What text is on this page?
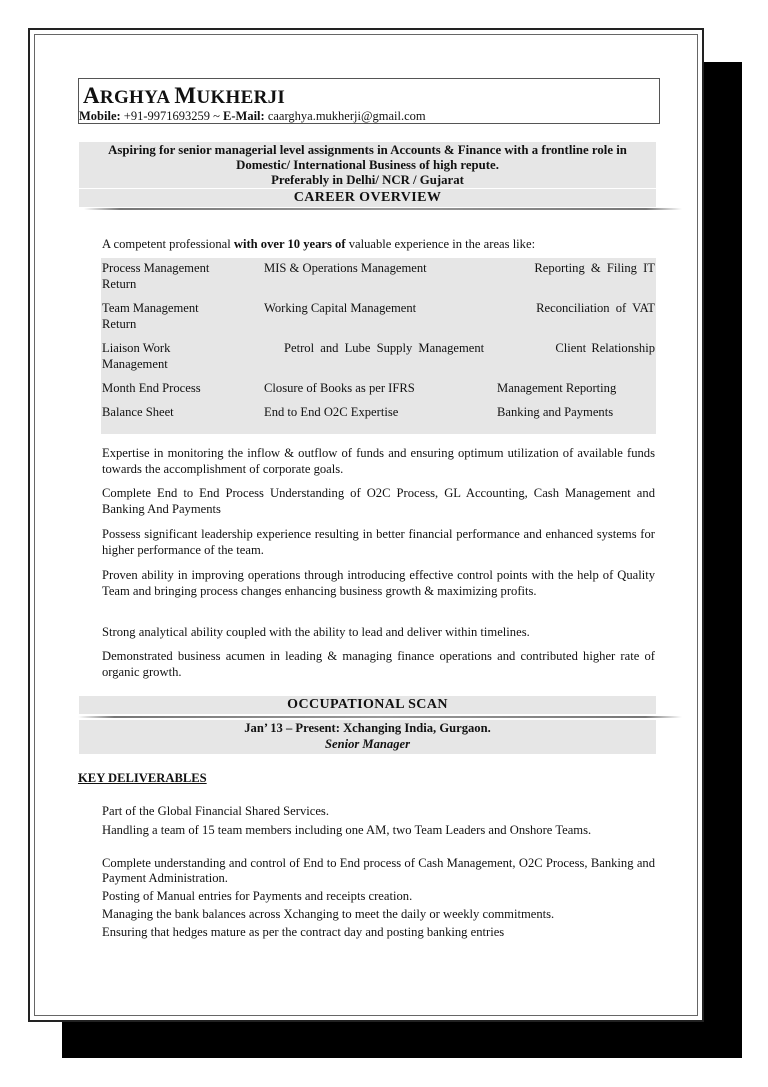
ARGHYA MUKHERJI
Mobile: +91-9971693259 ~ E-Mail: caarghya.mukherji@gmail.com
Aspiring for senior managerial level assignments in Accounts & Finance with a frontline role in
Domestic/ International Business of high repute.
Preferably in Delhi/ NCR / Gujarat
CAREER OVERVIEW
A competent professional with over 10 years of valuable experience in the areas like:
Process Management	MIS & Operations Management	Reporting & Filing IT
Return
Team Management	Working Capital Management	Reconciliation of VAT
Return
Liaison Work	Petrol and Lube Supply Management	Client Relationship
Management
Month End Process	Closure of Books as per IFRS	Management Reporting
Balance Sheet	End to End O2C Expertise	Banking and Payments
Expertise in monitoring the inflow & outflow of funds and ensuring optimum utilization of available funds towards the accomplishment of corporate goals.
Complete End to End Process Understanding of O2C Process, GL Accounting, Cash Management and Banking And Payments
Possess significant leadership experience resulting in better financial performance and enhanced systems for higher performance of the team.
Proven ability in improving operations through introducing effective control points with the help of Quality Team and bringing process changes enhancing business growth & maximizing profits.
Strong analytical ability coupled with the ability to lead and deliver within timelines.
Demonstrated business acumen in leading & managing finance operations and contributed higher rate of organic growth.
OCCUPATIONAL SCAN
Jan’ 13 – Present: Xchanging India, Gurgaon.
Senior Manager
KEY DELIVERABLES
Part of the Global Financial Shared Services.
Handling a team of 15 team members including one AM, two Team Leaders and Onshore Teams.
Complete understanding and control of End to End process of Cash Management, O2C Process, Banking and Payment Administration.
Posting of Manual entries for Payments and receipts creation.
Managing the bank balances across Xchanging to meet the daily or weekly commitments.
Ensuring that hedges mature as per the contract day and posting banking entries
